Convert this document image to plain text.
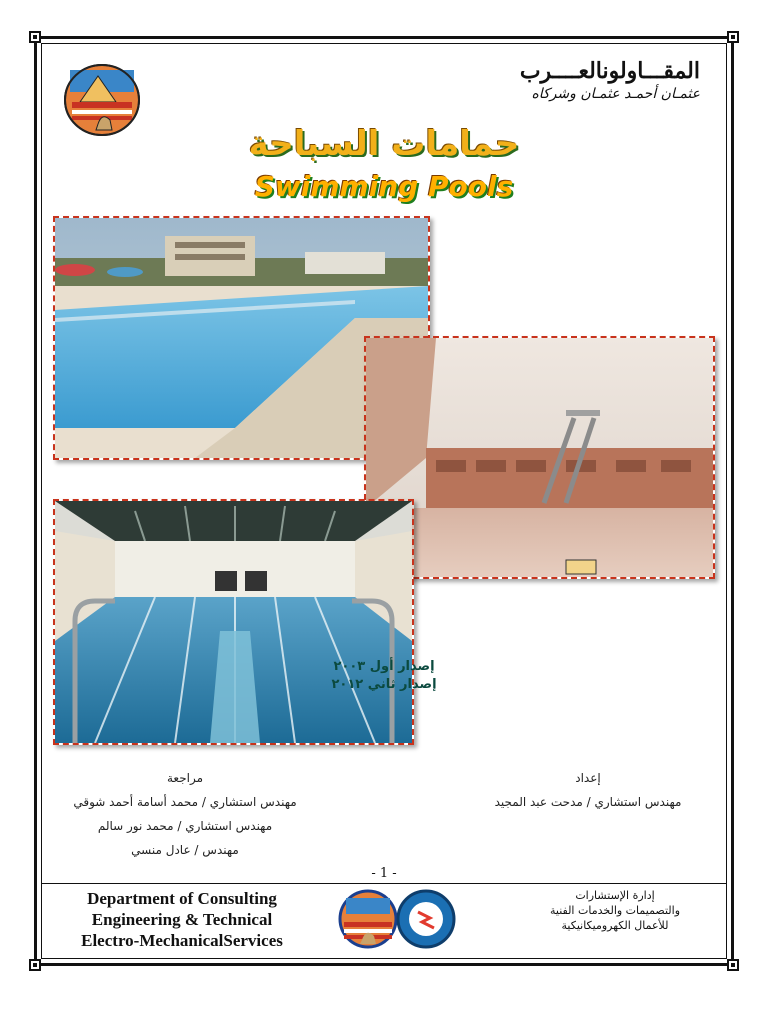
المقـــاولونالعــــرب
عثمـان أحمـد عثمـان وشركاه
حمامات السباحة
Swimming Pools
إصدار أول ٢٠٠٣
إصدار ثاني ٢٠١٢
مراجعة
مهندس استشاري / محمد أسامة أحمد شوقي
مهندس استشاري / محمد نور سالم
مهندس / عادل منسي
إعداد
مهندس استشاري / مدحت عبد المجيد
- 1 -
Department of Consulting
Engineering & Technical
Electro-MechanicalServices
إدارة الإستشارات
والتصميمات والخدمات الفنية
للأعمال الكهروميكانيكية
